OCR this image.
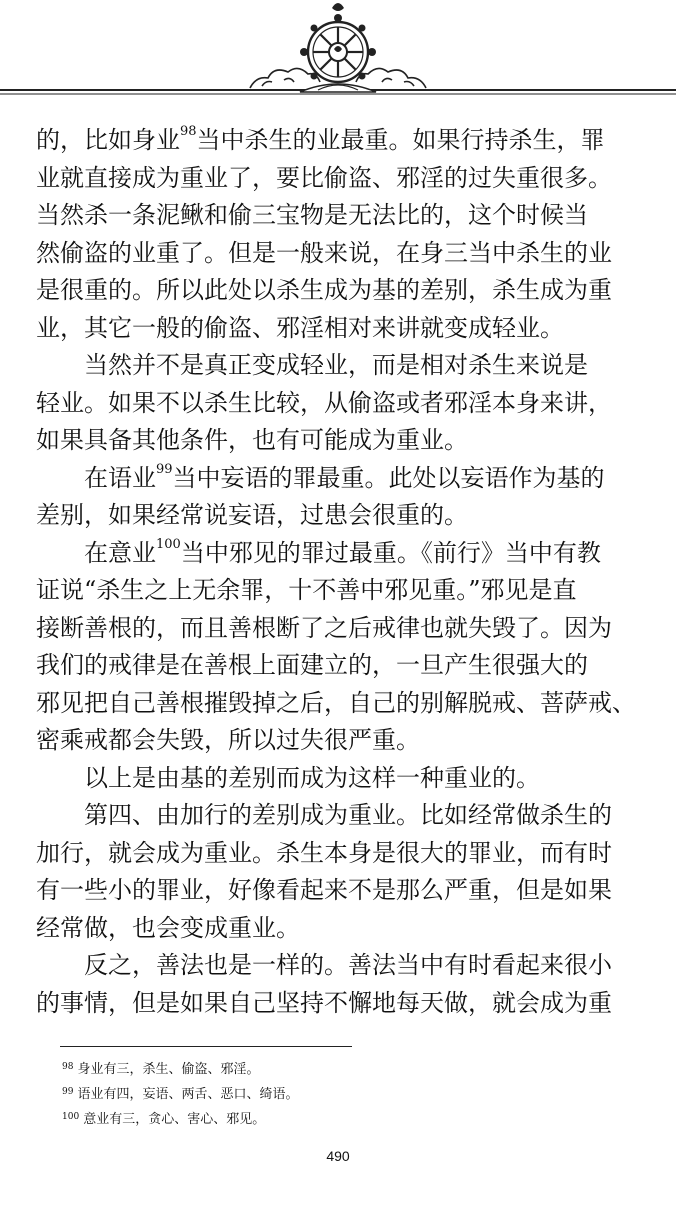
的，比如身业$^{98}$当中杀生的业最重。如果行持杀生，罪
业就直接成为重业了，要比偷盗、邪淫的过失重很多。
当然杀一条泥鳅和偷三宝物是无法比的，这个时候当
然偷盗的业重了。但是一般来说，在身三当中杀生的业
是很重的。所以此处以杀生成为基的差别，杀生成为重
业，其它一般的偷盗、邪淫相对来讲就变成轻业。
当然并不是真正变成轻业，而是相对杀生来说是
轻业。如果不以杀生比较，从偷盗或者邪淫本身来讲，
如果具备其他条件，也有可能成为重业。
在语业$^{99}$当中妄语的罪最重。此处以妄语作为基的
差别，如果经常说妄语，过患会很重的。
在意业$^{100}$当中邪见的罪过最重。《前行》当中有教
证说“杀生之上无余罪，十不善中邪见重。”邪见是直
接断善根的，而且善根断了之后戒律也就失毁了。因为
我们的戒律是在善根上面建立的，一旦产生很强大的
邪见把自己善根摧毁掉之后，自己的别解脱戒、菩萨戒、
密乘戒都会失毁，所以过失很严重。
以上是由基的差别而成为这样一种重业的。
第四、由加行的差别成为重业。比如经常做杀生的
加行，就会成为重业。杀生本身是很大的罪业，而有时
有一些小的罪业，好像看起来不是那么严重，但是如果
经常做，也会变成重业。
反之，善法也是一样的。善法当中有时看起来很小
的事情，但是如果自己坚持不懈地每天做，就会成为重
$^{98}$ 身业有三，杀生、偷盗、邪淫。
$^{99}$ 语业有四，妄语、两舌、恶口、绮语。
$^{100}$ 意业有三，贪心、害心、邪见。
490
